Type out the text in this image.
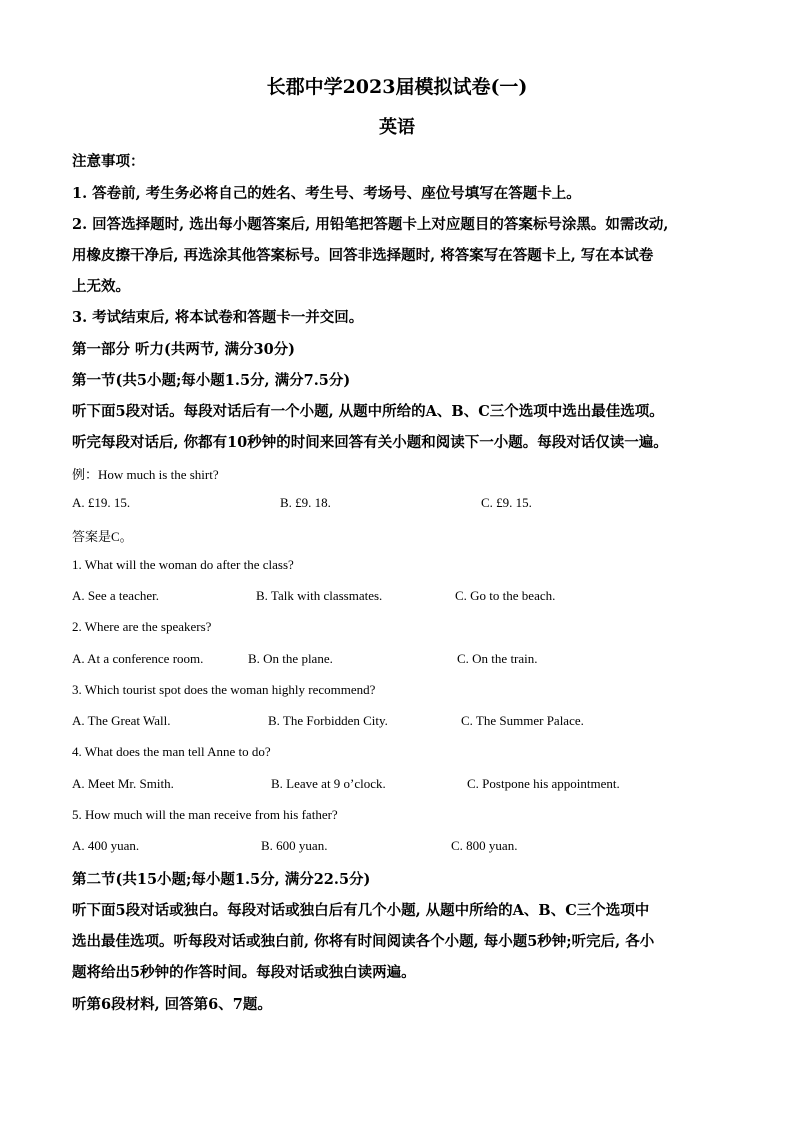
长郡中学2023届模拟试卷(一)
英语
注意事项：
1. 答卷前, 考生务必将自己的姓名、考生号、考场号、座位号填写在答题卡上。
2. 回答选择题时, 选出每小题答案后, 用铅笔把答题卡上对应题目的答案标号涂黑。如需改动,
用橡皮擦干净后, 再选涂其他答案标号。回答非选择题时, 将答案写在答题卡上, 写在本试卷
上无效。
3. 考试结束后, 将本试卷和答题卡一并交回。
第一部分 听力(共两节, 满分30分)
第一节(共5小题;每小题1.5分, 满分7.5分)
听下面5段对话。每段对话后有一个小题, 从题中所给的A、B、C三个选项中选出最佳选项。
听完每段对话后, 你都有10秒钟的时间来回答有关小题和阅读下一小题。每段对话仅读一遍。
例：How much is the shirt?
A. £19. 15.	B. £9. 18.	C. £9. 15.
答案是C。
1. What will the woman do after the class?
A. See a teacher.	B. Talk with classmates.	C. Go to the beach.
2. Where are the speakers?
A. At a conference room.	B. On the plane.	C. On the train.
3. Which tourist spot does the woman highly recommend?
A. The Great Wall.	B. The Forbidden City.	C. The Summer Palace.
4. What does the man tell Anne to do?
A. Meet Mr. Smith.	B. Leave at 9 o’clock.	C. Postpone his appointment.
5. How much will the man receive from his father?
A. 400 yuan.	B. 600 yuan.	C. 800 yuan.
第二节(共15小题;每小题1.5分, 满分22.5分)
听下面5段对话或独白。每段对话或独白后有几个小题, 从题中所给的A、B、C三个选项中
选出最佳选项。听每段对话或独白前, 你将有时间阅读各个小题, 每小题5秒钟;听完后, 各小
题将给出5秒钟的作答时间。每段对话或独白读两遍。
听第6段材料, 回答第6、7题。
